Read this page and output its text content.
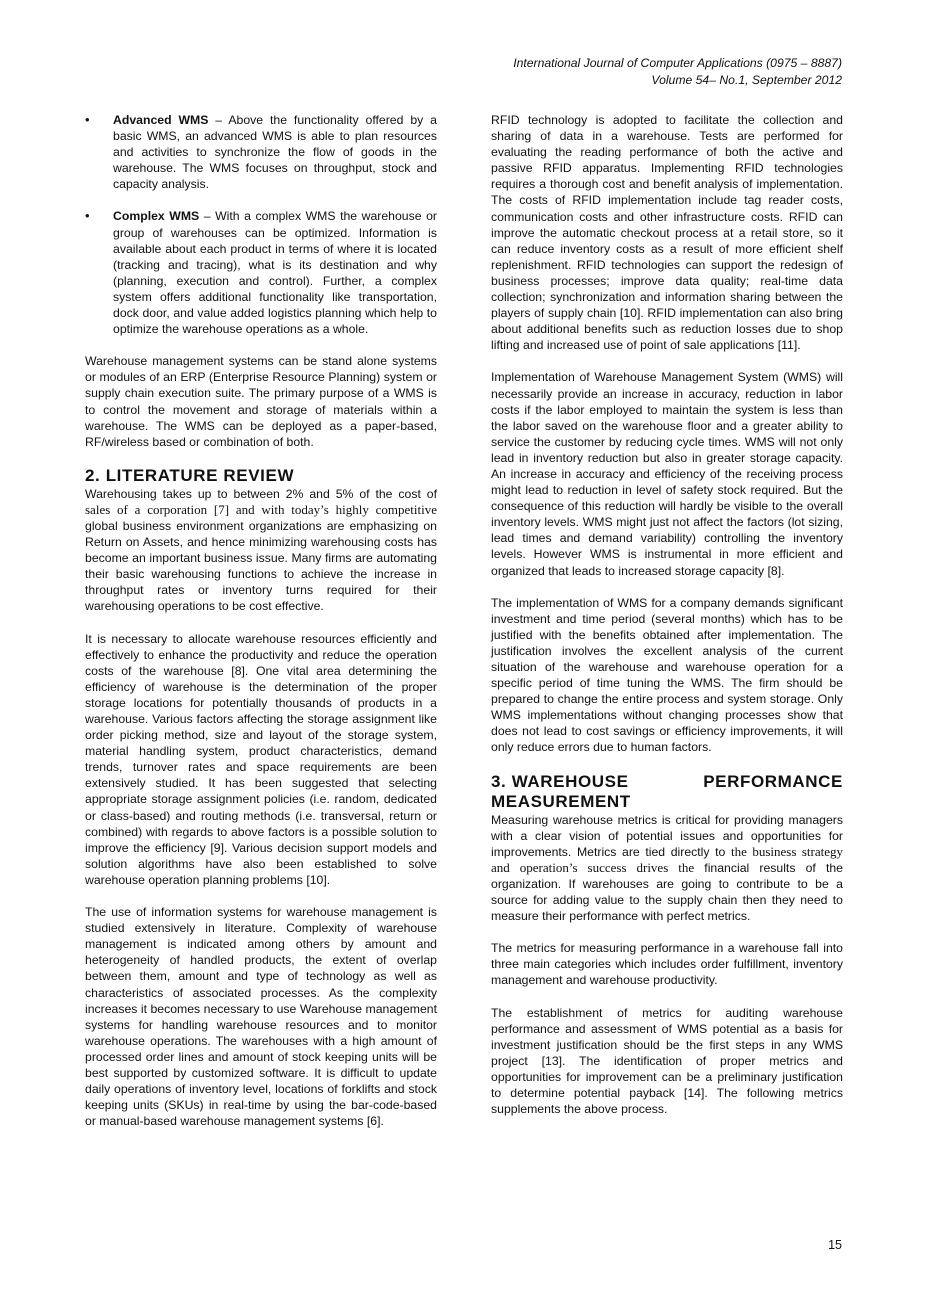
International Journal of Computer Applications (0975 – 8887)
Volume 54– No.1, September 2012
• Advanced WMS – Above the functionality offered by a basic WMS, an advanced WMS is able to plan resources and activities to synchronize the flow of goods in the warehouse. The WMS focuses on throughput, stock and capacity analysis.
• Complex WMS – With a complex WMS the warehouse or group of warehouses can be optimized. Information is available about each product in terms of where it is located (tracking and tracing), what is its destination and why (planning, execution and control). Further, a complex system offers additional functionality like transportation, dock door, and value added logistics planning which help to optimize the warehouse operations as a whole.

Warehouse management systems can be stand alone systems or modules of an ERP (Enterprise Resource Planning) system or supply chain execution suite. The primary purpose of a WMS is to control the movement and storage of materials within a warehouse. The WMS can be deployed as a paper-based, RF/wireless based or combination of both.

2. LITERATURE REVIEW

Warehousing takes up to between 2% and 5% of the cost of sales of a corporation [7] and with today’s highly competitive global business environment organizations are emphasizing on Return on Assets, and hence minimizing warehousing costs has become an important business issue. Many firms are automating their basic warehousing functions to achieve the increase in throughput rates or inventory turns required for their warehousing operations to be cost effective.

It is necessary to allocate warehouse resources efficiently and effectively to enhance the productivity and reduce the operation costs of the warehouse [8]. One vital area determining the efficiency of warehouse is the determination of the proper storage locations for potentially thousands of products in a warehouse. Various factors affecting the storage assignment like order picking method, size and layout of the storage system, material handling system, product characteristics, demand trends, turnover rates and space requirements are been extensively studied. It has been suggested that selecting appropriate storage assignment policies (i.e. random, dedicated or class-based) and routing methods (i.e. transversal, return or combined) with regards to above factors is a possible solution to improve the efficiency [9]. Various decision support models and solution algorithms have also been established to solve warehouse operation planning problems [10].

The use of information systems for warehouse management is studied extensively in literature. Complexity of warehouse management is indicated among others by amount and heterogeneity of handled products, the extent of overlap between them, amount and type of technology as well as characteristics of associated processes. As the complexity increases it becomes necessary to use Warehouse management systems for handling warehouse resources and to monitor warehouse operations. The warehouses with a high amount of processed order lines and amount of stock keeping units will be best supported by customized software. It is difficult to update daily operations of inventory level, locations of forklifts and stock keeping units (SKUs) in real-time by using the bar-code-based or manual-based warehouse management systems [6].

RFID technology is adopted to facilitate the collection and sharing of data in a warehouse. Tests are performed for evaluating the reading performance of both the active and passive RFID apparatus. Implementing RFID technologies requires a thorough cost and benefit analysis of implementation. The costs of RFID implementation include tag reader costs, communication costs and other infrastructure costs. RFID can improve the automatic checkout process at a retail store, so it can reduce inventory costs as a result of more efficient shelf replenishment. RFID technologies can support the redesign of business processes; improve data quality; real-time data collection; synchronization and information sharing between the players of supply chain [10]. RFID implementation can also bring about additional benefits such as reduction losses due to shop lifting and increased use of point of sale applications [11].

Implementation of Warehouse Management System (WMS) will necessarily provide an increase in accuracy, reduction in labor costs if the labor employed to maintain the system is less than the labor saved on the warehouse floor and a greater ability to service the customer by reducing cycle times. WMS will not only lead in inventory reduction but also in greater storage capacity. An increase in accuracy and efficiency of the receiving process might lead to reduction in level of safety stock required. But the consequence of this reduction will hardly be visible to the overall inventory levels. WMS might just not affect the factors (lot sizing, lead times and demand variability) controlling the inventory levels. However WMS is instrumental in more efficient and organized that leads to increased storage capacity [8].

The implementation of WMS for a company demands significant investment and time period (several months) which has to be justified with the benefits obtained after implementation. The justification involves the excellent analysis of the current situation of the warehouse and warehouse operation for a specific period of time tuning the WMS. The firm should be prepared to change the entire process and system storage. Only WMS implementations without changing processes show that does not lead to cost savings or efficiency improvements, it will only reduce errors due to human factors.

3. WAREHOUSE	PERFORMANCE
MEASUREMENT

Measuring warehouse metrics is critical for providing managers with a clear vision of potential issues and opportunities for improvements. Metrics are tied directly to the business strategy and operation’s success drives the financial results of the organization. If warehouses are going to contribute to be a source for adding value to the supply chain then they need to measure their performance with perfect metrics.

The metrics for measuring performance in a warehouse fall into three main categories which includes order fulfillment, inventory management and warehouse productivity.

The establishment of metrics for auditing warehouse performance and assessment of WMS potential as a basis for investment justification should be the first steps in any WMS project [13]. The identification of proper metrics and opportunities for improvement can be a preliminary justification to determine potential payback [14]. The following metrics supplements the above process.

15
